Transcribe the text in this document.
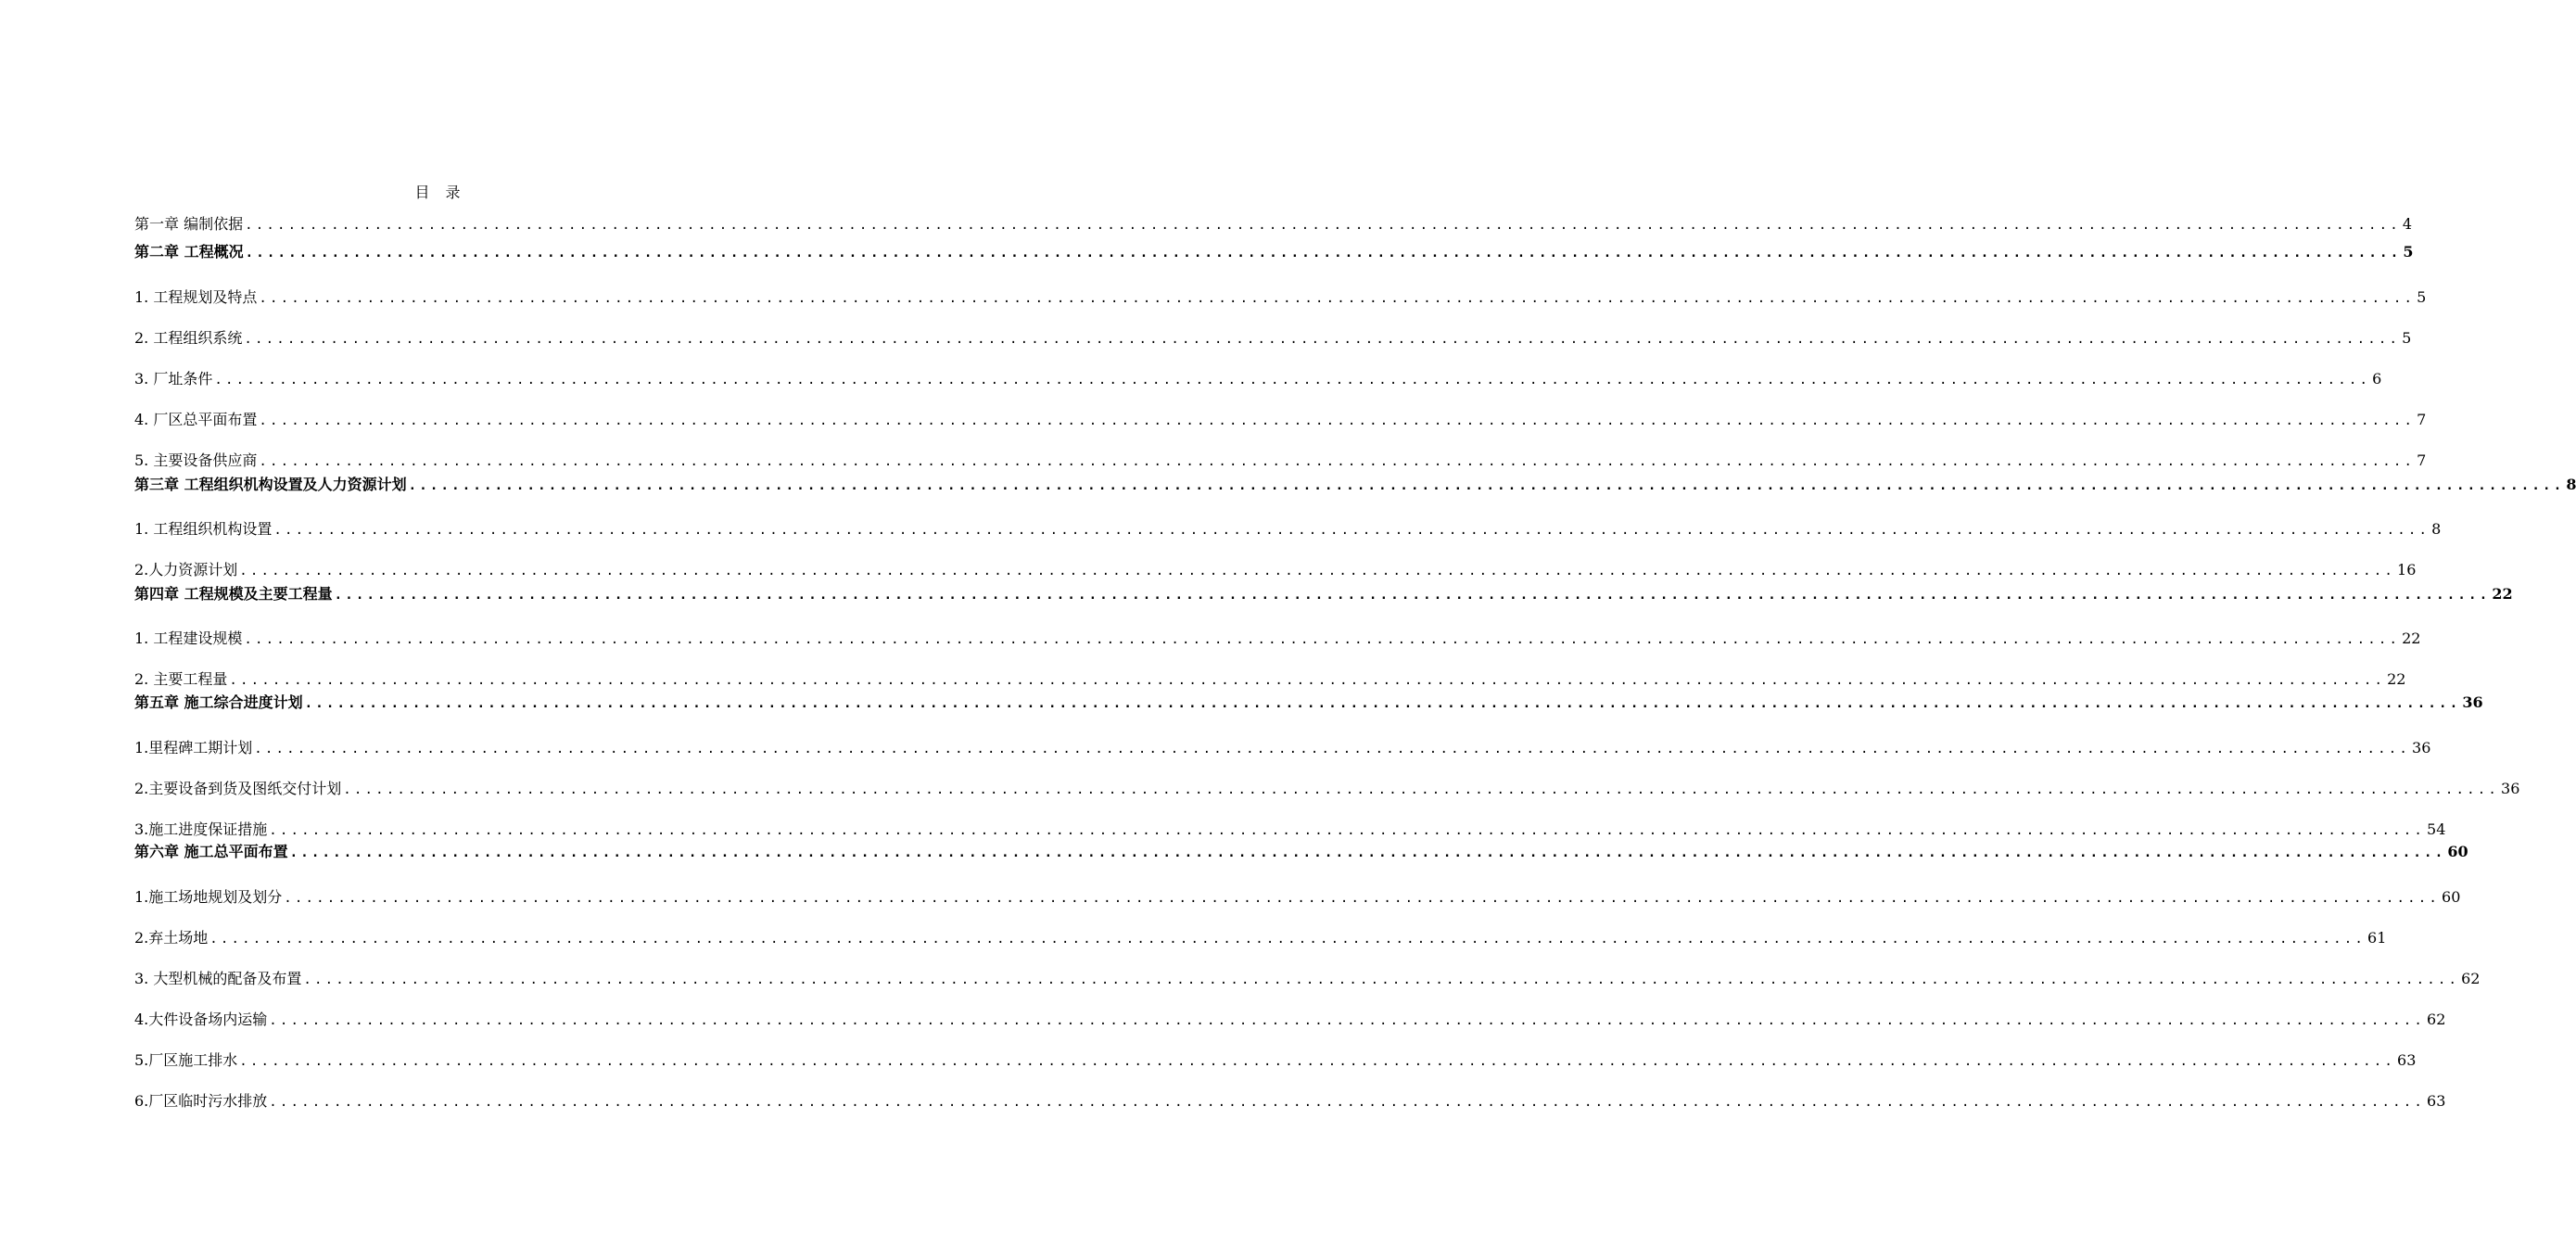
目 录
第一章 编制依据 ........................................................................................................................................................................................................ 4
第二章 工程概况 ........................................................................................................................................................................................................ 5
1. 工程规划及特点 ........................................................................................................................................................................................................ 5
2. 工程组织系统 ........................................................................................................................................................................................................ 5
3. 厂址条件 ........................................................................................................................................................................................................ 6
4. 厂区总平面布置 ........................................................................................................................................................................................................ 7
5. 主要设备供应商 ........................................................................................................................................................................................................ 7
第三章 工程组织机构设置及人力资源计划 ........................................................................................................................................................................................................ 8
1. 工程组织机构设置 ........................................................................................................................................................................................................ 8
2.人力资源计划 ........................................................................................................................................................................................................ 16
第四章 工程规模及主要工程量 ........................................................................................................................................................................................................ 22
1. 工程建设规模 ........................................................................................................................................................................................................ 22
2. 主要工程量 ........................................................................................................................................................................................................ 22
第五章 施工综合进度计划 ........................................................................................................................................................................................................ 36
1.里程碑工期计划 ........................................................................................................................................................................................................ 36
2.主要设备到货及图纸交付计划 ........................................................................................................................................................................................................ 36
3.施工进度保证措施 ........................................................................................................................................................................................................ 54
第六章 施工总平面布置 ........................................................................................................................................................................................................ 60
1.施工场地规划及划分 ........................................................................................................................................................................................................ 60
2.弃土场地 ........................................................................................................................................................................................................ 61
3. 大型机械的配备及布置 ........................................................................................................................................................................................................ 62
4.大件设备场内运输 ........................................................................................................................................................................................................ 62
5.厂区施工排水 ........................................................................................................................................................................................................ 63
6.厂区临时污水排放 ........................................................................................................................................................................................................ 63
